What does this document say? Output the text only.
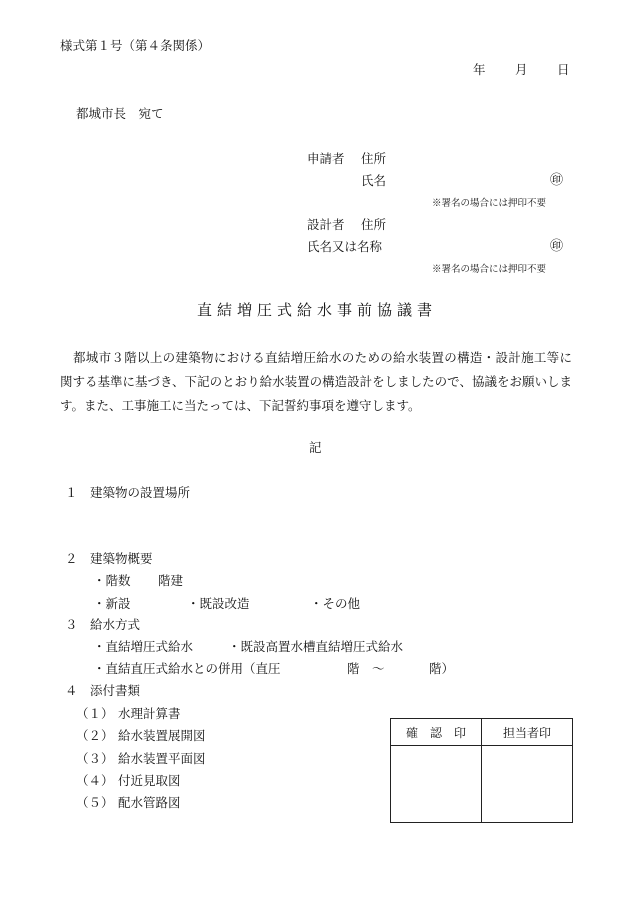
様式第１号（第４条関係）
年 月 日
都城市長　宛て
申請者 住所
氏名	㊞
※署名の場合には押印不要
設計者 住所
氏名又は名称	㊞
※署名の場合には押印不要
直結増圧式給水事前協議書
都城市３階以上の建築物における直結増圧給水のための給水装置の構造・設計施工等に関する基準に基づき、下記のとおり給水装置の構造設計をしましたので、協議をお願いします。また、工事施工に当たっては、下記誓約事項を遵守します。
記
１ 建築物の設置場所
２ 建築物概要
・階数 階建
・新設	・既設改造	・その他
３ 給水方式
・直結増圧式給水	・既設高置水槽直結増圧式給水
・直結直圧式給水との併用（直圧	階　～	階）
４ 添付書類
（１） 水理計算書
（２） 給水装置展開図
（３） 給水装置平面図
（４） 付近見取図
（５） 配水管路図
確　認　印	担当者印
